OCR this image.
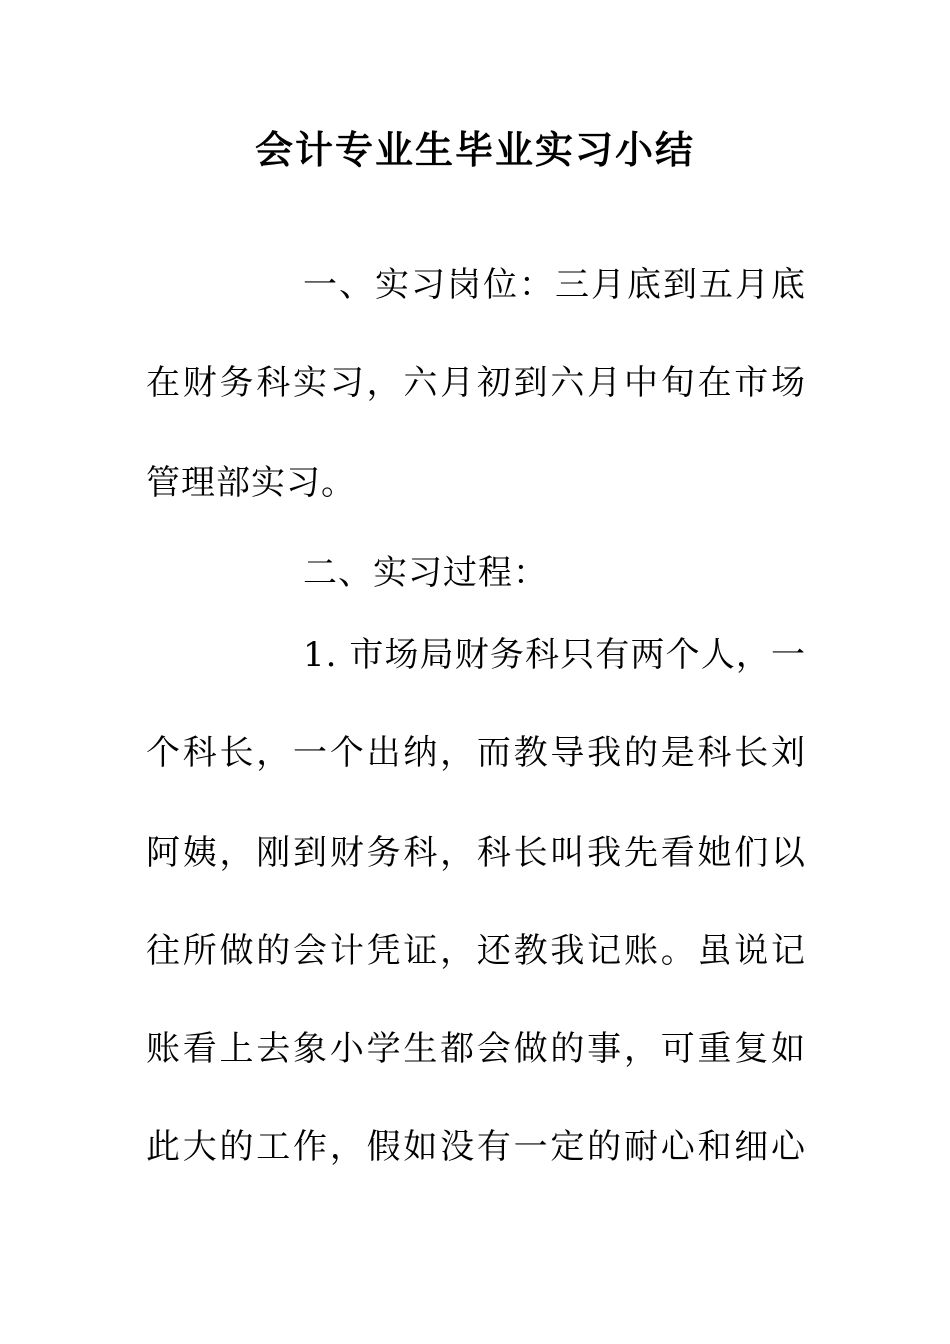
会计专业生毕业实习小结
一、实习岗位：三月底到五月底
在财务科实习，六月初到六月中旬在市场
管理部实习。
二、实习过程：
1. 市场局财务科只有两个人，一
个科长，一个出纳，而教导我的是科长刘
阿姨，刚到财务科，科长叫我先看她们以
往所做的会计凭证，还教我记账。虽说记
账看上去象小学生都会做的事，可重复如
此大的工作，假如没有一定的耐心和细心
